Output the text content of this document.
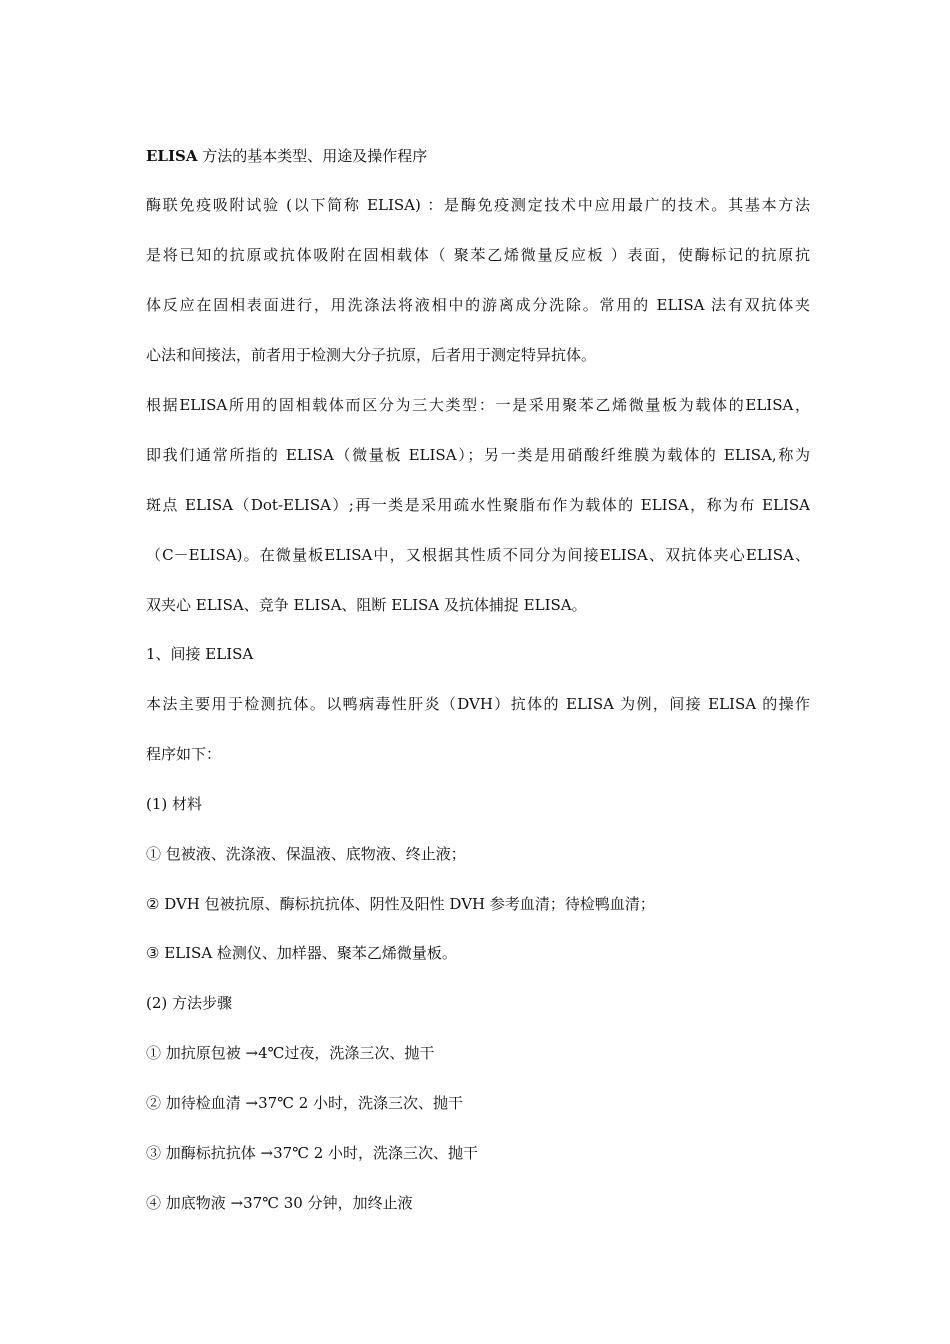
ELISA 方法的基本类型、用途及操作程序
酶联免疫吸附试验 (以下简称 ELISA) ：是酶免疫测定技术中应用最广的技术。其基本方法
是将已知的抗原或抗体吸附在固相载体（ 聚苯乙烯微量反应板 ）表面，使酶标记的抗原抗
体反应在固相表面进行，用洗涤法将液相中的游离成分洗除。常用的 ELISA 法有双抗体夹
心法和间接法，前者用于检测大分子抗原，后者用于测定特异抗体。
根据ELISA所用的固相载体而区分为三大类型：一是采用聚苯乙烯微量板为载体的ELISA，
即我们通常所指的 ELISA（微量板 ELISA）；另一类是用硝酸纤维膜为载体的 ELISA,称为
斑点 ELISA（Dot-ELISA）;再一类是采用疏水性聚脂布作为载体的 ELISA，称为布 ELISA
（C－ELISA)。在微量板ELISA中，又根据其性质不同分为间接ELISA、双抗体夹心ELISA、
双夹心 ELISA、竞争 ELISA、阻断 ELISA 及抗体捕捉 ELISA。
1、间接 ELISA
本法主要用于检测抗体。以鸭病毒性肝炎（DVH）抗体的 ELISA 为例，间接 ELISA 的操作
程序如下：
(1) 材料
① 包被液、洗涤液、保温液、底物液、终止液；
② DVH 包被抗原、酶标抗抗体、阴性及阳性 DVH 参考血清；待检鸭血清；
③ ELISA 检测仪、加样器、聚苯乙烯微量板。
(2) 方法步骤
① 加抗原包被 →4℃过夜，洗涤三次、抛干
② 加待检血清 →37℃ 2 小时，洗涤三次、抛干
③ 加酶标抗抗体 →37℃ 2 小时，洗涤三次、抛干
④ 加底物液 →37℃ 30 分钟，加终止液
